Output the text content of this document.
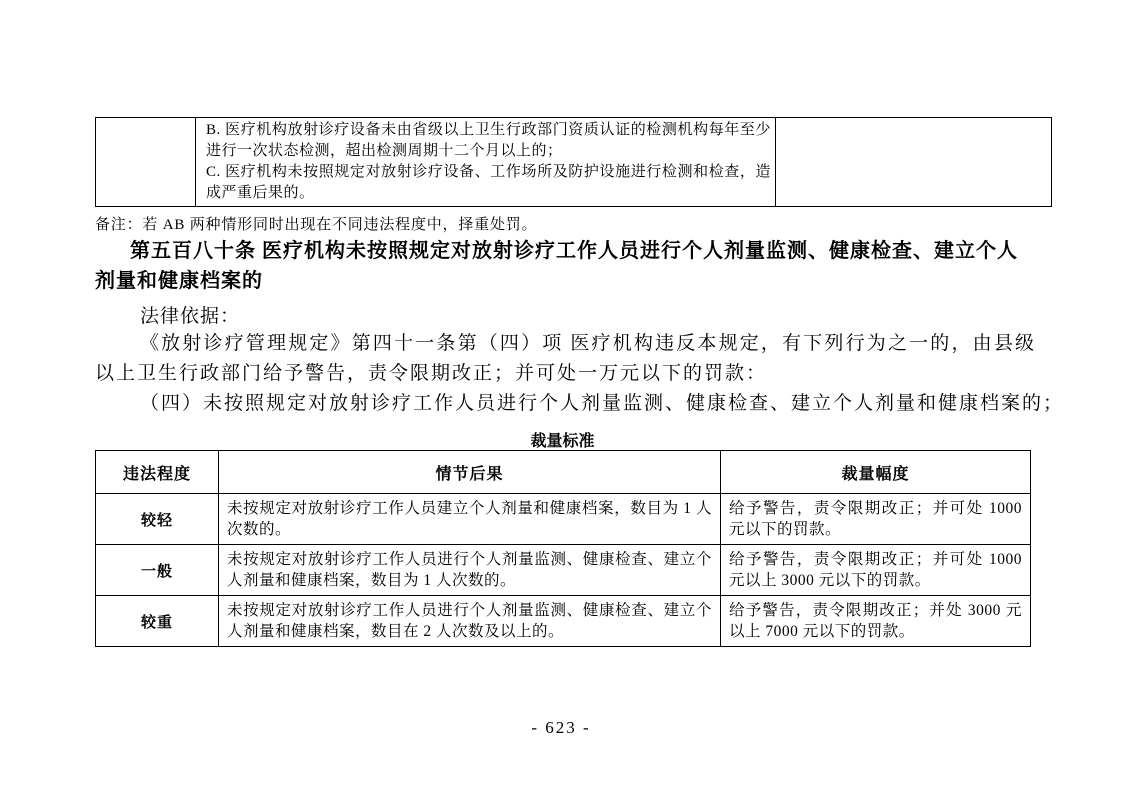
B. 医疗机构放射诊疗设备未由省级以上卫生行政部门资质认证的检测机构每年至少进行一次状态检测，超出检测周期十二个月以上的；
C. 医疗机构未按照规定对放射诊疗设备、工作场所及防护设施进行检测和检查，造成严重后果的。

备注：若 AB 两种情形同时出现在不同违法程度中，择重处罚。
第五百八十条 医疗机构未按照规定对放射诊疗工作人员进行个人剂量监测、健康检查、建立个人剂量和健康档案的
法律依据：

《放射诊疗管理规定》第四十一条第（四）项 医疗机构违反本规定，有下列行为之一的，由县级以上卫生行政部门给予警告，责令限期改正；并可处一万元以下的罚款：

（四）未按照规定对放射诊疗工作人员进行个人剂量监测、健康检查、建立个人剂量和健康档案的；

裁量标准
违法程度	情节后果	裁量幅度
较轻	未按规定对放射诊疗工作人员建立个人剂量和健康档案，数目为 1 人次数的。	给予警告，责令限期改正；并可处 1000 元以下的罚款。
一般	未按规定对放射诊疗工作人员进行个人剂量监测、健康检查、建立个人剂量和健康档案，数目为 1 人次数的。	给予警告，责令限期改正；并可处 1000 元以上 3000 元以下的罚款。
较重	未按规定对放射诊疗工作人员进行个人剂量监测、健康检查、建立个人剂量和健康档案，数目在 2 人次数及以上的。	给予警告，责令限期改正；并处 3000 元以上 7000 元以下的罚款。
- 623 -
